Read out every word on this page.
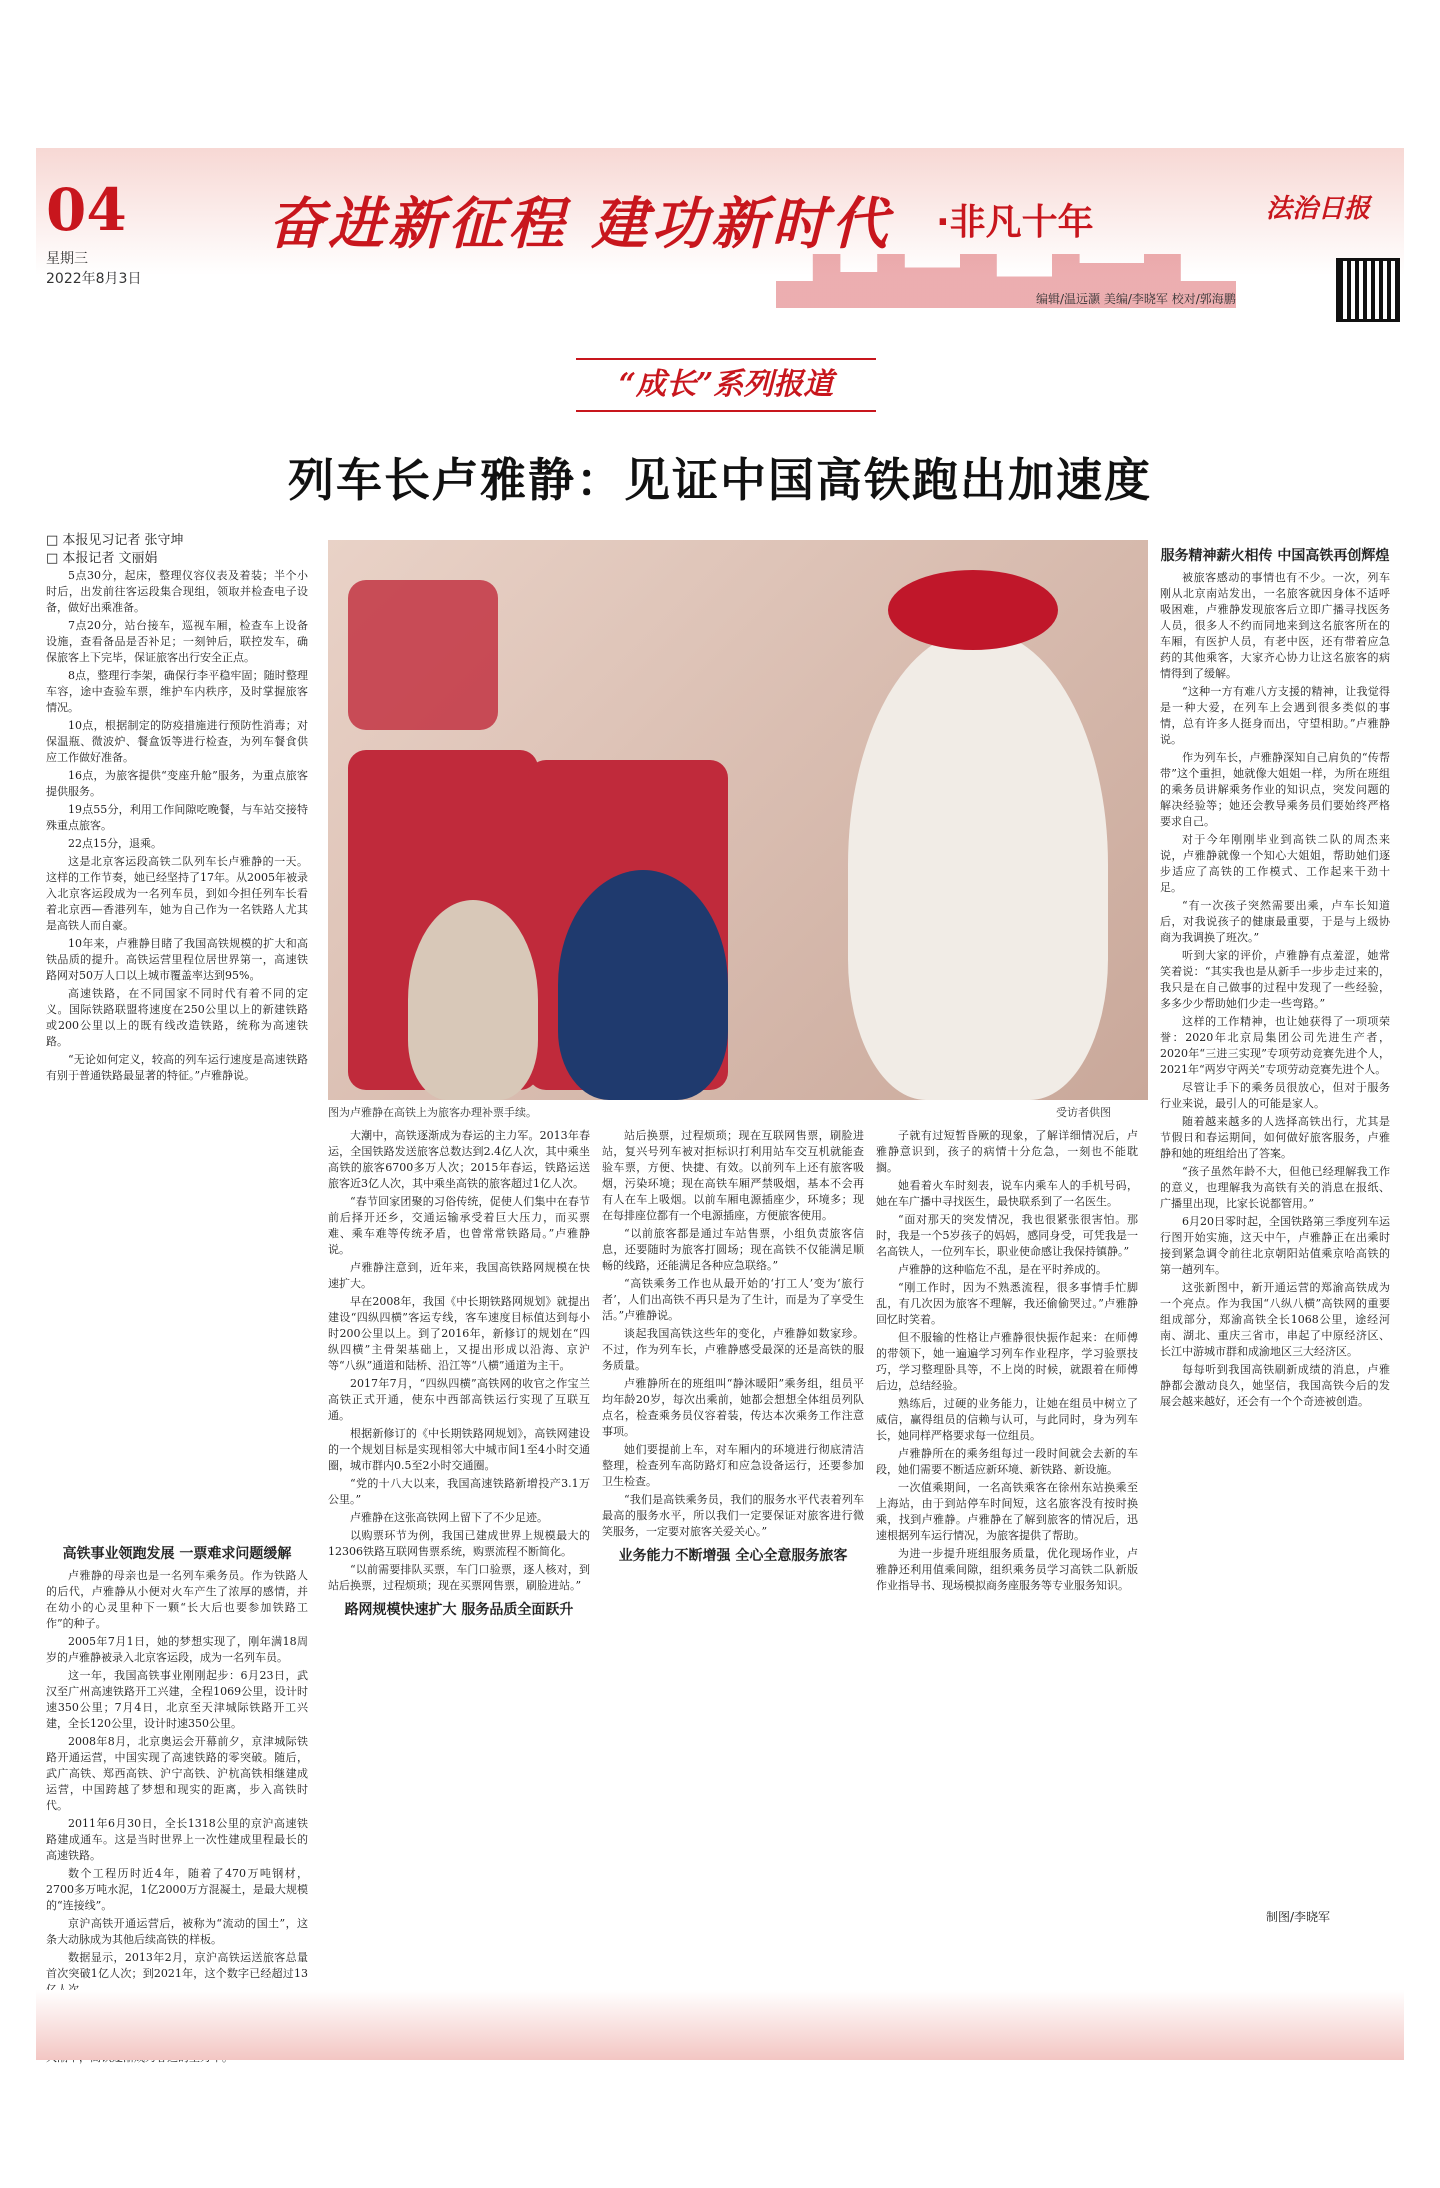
04
星期三
2022年8月3日
奋进新征程 建功新时代 ·非凡十年	法治日报
编辑/温远灏 美编/李晓军 校对/郭海鹏
“成长”系列报道
列车长卢雅静：见证中国高铁跑出加速度
□ 本报见习记者 张守坤
□ 本报记者 文丽娟
图为卢雅静在高铁上为旅客办理补票手续。	受访者供图

5点30分，起床，整理仪容仪表及着装；半个小时后，出发前往客运段集合现组，领取并检查电子设备，做好出乘准备。

7点20分，站台接车，巡视车厢，检查车上设备设施，查看备品是否补足；一刻钟后，联控发车，确保旅客上下完毕，保证旅客出行安全正点。

8点，整理行李架，确保行李平稳牢固；随时整理车容，途中查验车票，维护车内秩序，及时掌握旅客情况。

10点，根据制定的防疫措施进行预防性消毒；对保温瓶、微波炉、餐盒饭等进行检查，为列车餐食供应工作做好准备。

16点，为旅客提供“变座升舱”服务，为重点旅客提供服务。

19点55分，利用工作间隙吃晚餐，与车站交接特殊重点旅客。

22点15分，退乘。

这是北京客运段高铁二队列车长卢雅静的一天。这样的工作节奏，她已经坚持了17年。从2005年被录入北京客运段成为一名列车员，到如今担任列车长看着北京西—香港列车，她为自己作为一名铁路人尤其是高铁人而自豪。

10年来，卢雅静目睹了我国高铁规模的扩大和高铁品质的提升。高铁运营里程位居世界第一，高速铁路网对50万人口以上城市覆盖率达到95%。

高速铁路，在不同国家不同时代有着不同的定义。国际铁路联盟将速度在250公里以上的新建铁路或200公里以上的既有线改造铁路，统称为高速铁路。

“无论如何定义，较高的列车运行速度是高速铁路有别于普通铁路最显著的特征。”卢雅静说。

高铁事业领跑发展 一票难求问题缓解

卢雅静的母亲也是一名列车乘务员。作为铁路人的后代，卢雅静从小便对火车产生了浓厚的感情，并在幼小的心灵里种下一颗“长大后也要参加铁路工作”的种子。

2005年7月1日，她的梦想实现了，刚年满18周岁的卢雅静被录入北京客运段，成为一名列车员。

这一年，我国高铁事业刚刚起步：6月23日，武汉至广州高速铁路开工兴建，全程1069公里，设计时速350公里；7月4日，北京至天津城际铁路开工兴建，全长120公里，设计时速350公里。

2008年8月，北京奥运会开幕前夕，京津城际铁路开通运营，中国实现了高速铁路的零突破。随后，武广高铁、郑西高铁、沪宁高铁、沪杭高铁相继建成运营，中国跨越了梦想和现实的距离，步入高铁时代。

2011年6月30日，全长1318公里的京沪高速铁路建成通车。这是当时世界上一次性建成里程最长的高速铁路。

数个工程历时近4年，随着了470万吨钢材，2700多万吨水泥，1亿2000万方混凝土，是最大规模的“连接线”。

京沪高铁开通运营后，被称为“流动的国土”，这条大动脉成为其他后续高铁的样板。

数据显示，2013年2月，京沪高铁运送旅客总量首次突破1亿人次；到2021年，这个数字已经超过13

大潮中，高铁逐渐成为春运的主力军。2013年春运，全国铁路发送旅客总数达到2.4亿人次，其中乘坐高铁的旅客6700多万人次；2015年春运，铁路运送旅客近3亿人次，其中乘坐高铁的旅客超过1亿人次。

“春节回家团聚的习俗传统，促使人们集中在春节前后择开还乡，交通运输承受着巨大压力，而买票难、乘车难等传统矛盾，也曾常常铁路局。”卢雅静说。

卢雅静注意到，近年来，我国高铁路网规模在快速扩大。

早在2008年，我国《中长期铁路网规划》就提出建设“四纵四横”客运专线，客车速度目标值达到每小时200公里以上。到了2016年，新修订的规划在“四纵四横”主骨架基础上，又提出形成以沿海、京沪等“八纵”通道和陆桥、沿江等“八横”通道为主干。

2017年7月，“四纵四横”高铁网的收官之作宝兰高铁正式开通，使东中西部高铁运行实现了互联互通。

根据新修订的《中长期铁路网规划》，高铁网建设的一个规划目标是实现相邻大中城市间1至4小时交通圈，城市群内0.5至2小时交通圈。

“党的十八大以来，我国高速铁路新增投产3.1万公里。”

卢雅静在这张高铁网上留下了不少足迹。

以购票环节为例，我国已建成世界上规模最大的12306铁路互联网售票系统，购票流程不断简化。

“以前需要排队买票，车门口验票，逐人核对，到站后换票，过程烦琐；现在买票网售票，刷脸进站。”

路网规模快速扩大 服务品质全面跃升

站后换票，过程烦琐；现在互联网售票，刷脸进站，复兴号列车被对拒标识打利用站车交互机就能查验车票，方便、快捷、有效。以前列车上还有旅客吸烟，污染环境；现在高铁车厢严禁吸烟，基本不会再有人在车上吸烟。以前车厢电源插座少，环境多；现在每排座位都有一个电源插座，方便旅客使用。

“以前旅客都是通过车站售票，小组负责旅客信息，还要随时为旅客打圆场；现在高铁不仅能满足顺畅的线路，还能满足各种应急联络。”

“高铁乘务工作也从最开始的‘打工人’变为‘旅行者’，人们出高铁不再只是为了生计，而是为了享受生活。”卢雅静说。

谈起我国高铁这些年的变化，卢雅静如数家珍。不过，作为列车长，卢雅静感受最深的还是高铁的服务质量。

卢雅静所在的班组叫“静沐暖阳”乘务组，组员平均年龄20岁，每次出乘前，她都会想想全体组员列队点名，检查乘务员仪容着装，传达本次乘务工作注意事项。

她们要提前上车，对车厢内的环境进行彻底清洁整理，检查列车高防路灯和应急设备运行，还要参加卫生检查。

“我们是高铁乘务员，我们的服务水平代表着列车最高的服务水平，所以我们一定要保证对旅客进行微笑服务，一定要对旅客关爱关心。”

业务能力不断增强 全心全意服务旅客

子就有过短暂昏厥的现象，了解详细情况后，卢雅静意识到，孩子的病情十分危急，一刻也不能耽搁。

她看着火车时刻表，说车内乘车人的手机号码，她在车广播中寻找医生，最快联系到了一名医生。

“面对那天的突发情况，我也很紧张很害怕。那时，我是一个5岁孩子的妈妈，感同身受，可凭我是一名高铁人，一位列车长，职业使命感让我保持镇静。”

卢雅静的这种临危不乱，是在平时养成的。

“刚工作时，因为不熟悉流程，很多事情手忙脚乱，有几次因为旅客不理解，我还偷偷哭过。”卢雅静回忆时笑着。

但不服输的性格让卢雅静很快振作起来：在师傅的带领下，她一遍遍学习列车作业程序，学习验票技巧，学习整理卧具等，不上岗的时候，就跟着在师傅后边，总结经验。

熟练后，过硬的业务能力，让她在组员中树立了威信，赢得组员的信赖与认可，与此同时，身为列车长，她同样严格要求每一位组员。

卢雅静所在的乘务组每过一段时间就会去新的车段，她们需要不断适应新环境、新铁路、新设施。

一次值乘期间，一名高铁乘客在徐州东站换乘至上海站，由于到站停车时间短，这名旅客没有按时换乘，找到卢雅静。卢雅静在了解到旅客的情况后，迅速根据列车运行情况，为旅客提供了帮助。

为进一步提升班组服务质量，优化现场作业，卢雅静还利用值乘间隙，组织乘务员学习高铁二队新版作业指导书、现场模拟商务座服务等专业服务知识。

服务精神薪火相传 中国高铁再创辉煌

被旅客感动的事情也有不少。一次，列车刚从北京南站发出，一名旅客就因身体不适呼吸困难，卢雅静发现旅客后立即广播寻找医务人员，很多人不约而同地来到这名旅客所在的车厢，有医护人员，有老中医，还有带着应急药的其他乘客，大家齐心协力让这名旅客的病情得到了缓解。

“这种一方有难八方支援的精神，让我觉得是一种大爱，在列车上会遇到很多类似的事情，总有许多人挺身而出，守望相助。”卢雅静说。

作为列车长，卢雅静深知自己肩负的“传帮带”这个重担，她就像大姐姐一样，为所在班组的乘务员讲解乘务作业的知识点，突发问题的解决经验等；她还会教导乘务员们要始终严格要求自己。

对于今年刚刚毕业到高铁二队的周杰来说，卢雅静就像一个知心大姐姐，帮助她们逐步适应了高铁的工作模式、工作起来干劲十足。

“有一次孩子突然需要出乘，卢车长知道后，对我说孩子的健康最重要，于是与上级协商为我调换了班次。”

听到大家的评价，卢雅静有点羞涩，她常笑着说：“其实我也是从新手一步步走过来的，我只是在自己做事的过程中发现了一些经验，多多少少帮助她们少走一些弯路。”

这样的工作精神，也让她获得了一项项荣誉：2020年北京局集团公司先进生产者，2020年“三进三实现”专项劳动竞赛先进个人，2021年“两岁守两关”专项劳动竞赛先进个人。

尽管让手下的乘务员很放心，但对于服务行业来说，最引人的可能是家人。

随着越来越多的人选择高铁出行，尤其是节假日和春运期间，如何做好旅客服务，卢雅静和她的班组给出了答案。

“孩子虽然年龄不大，但他已经理解我工作的意义，也理解我为高铁有关的消息在报纸、广播里出现，比家长说都管用。”

6月20日零时起，全国铁路第三季度列车运行图开始实施，这天中午，卢雅静正在出乘时接到紧急调令前往北京朝阳站值乘京哈高铁的第一趟列车。

这张新图中，新开通运营的郑渝高铁成为一个亮点。作为我国“八纵八横”高铁网的重要组成部分，郑渝高铁全长1068公里，途经河南、湖北、重庆三省市，串起了中原经济区、长江中游城市群和成渝地区三大经济区。

每每听到我国高铁刷新成绩的消息，卢雅静都会激动良久，她坚信，我国高铁今后的发展会越来越好，还会有一个个奇迹被创造。

制图/李晓军
